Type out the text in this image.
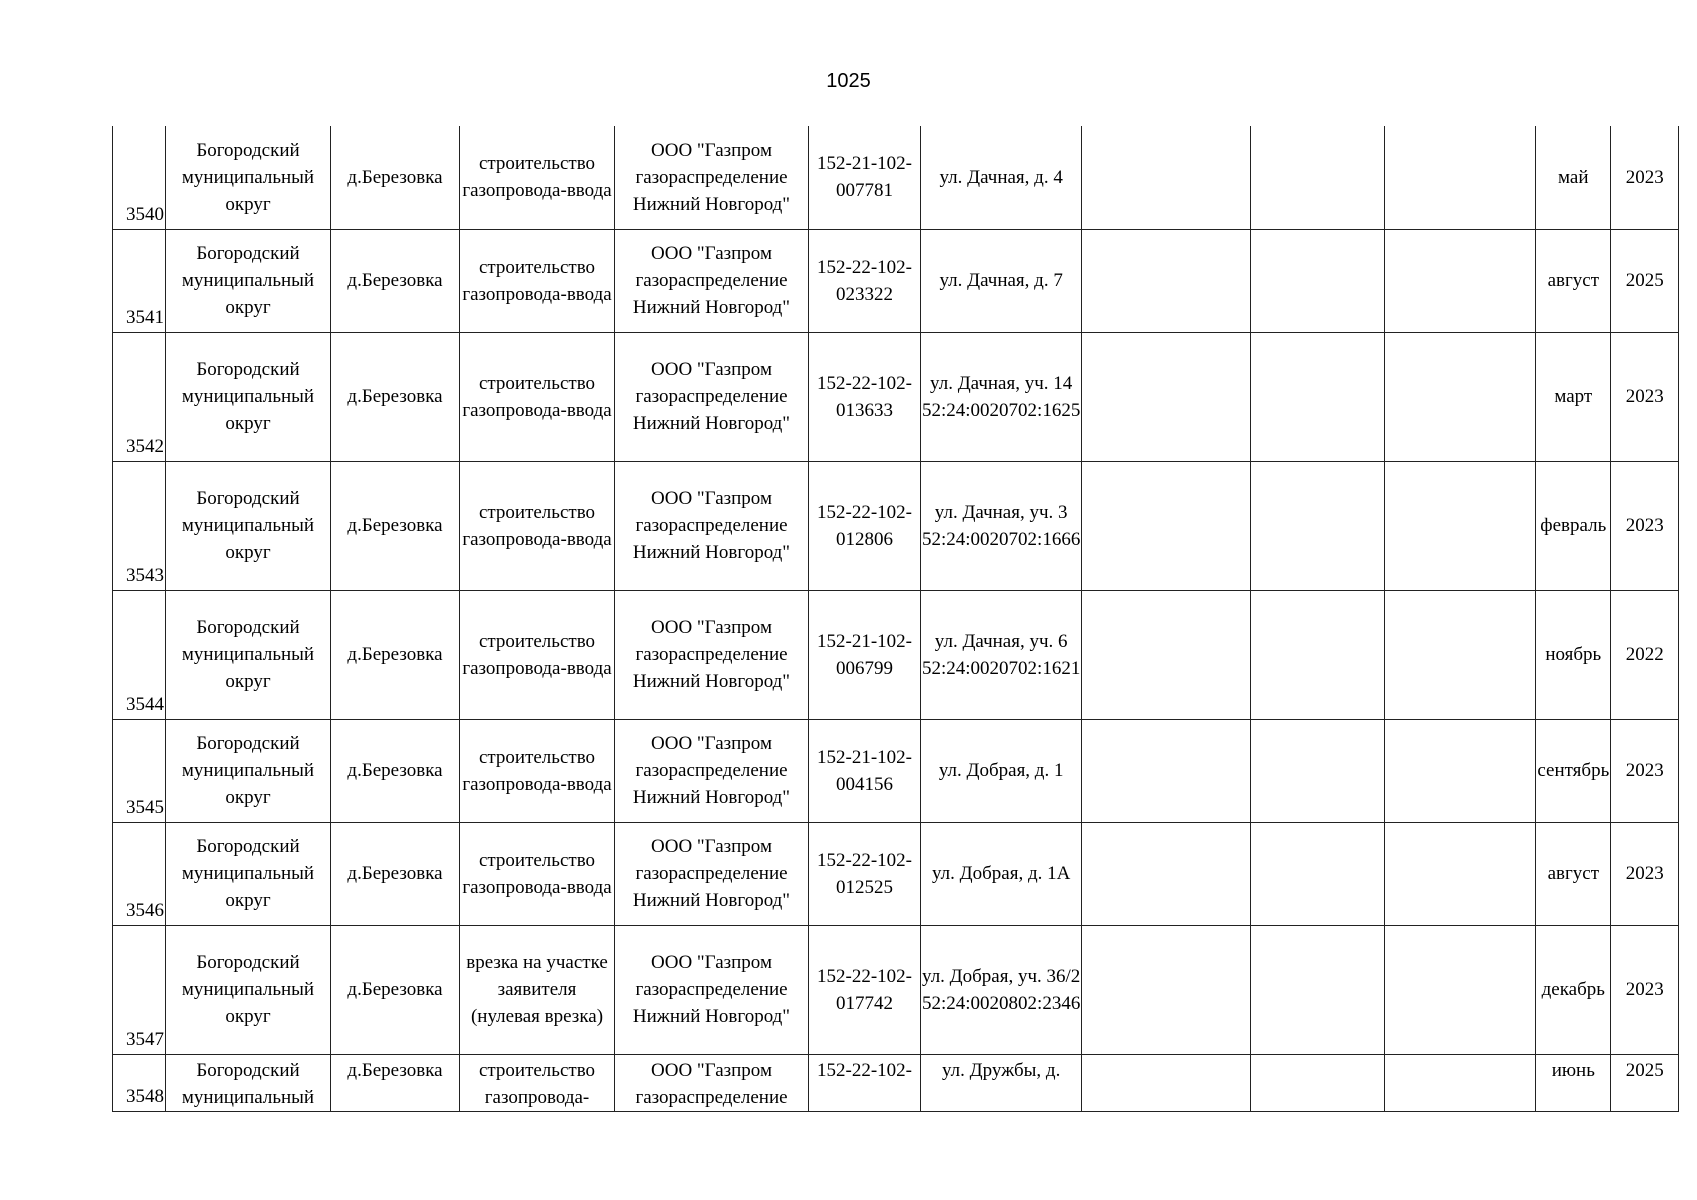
1025
3540	Богородский муниципальный округ	д.Березовка	строительство газопровода-ввода	ООО "Газпром газораспределение Нижний Новгород"	152-21-102-007781	ул. Дачная, д. 4				май	2023
3541	Богородский муниципальный округ	д.Березовка	строительство газопровода-ввода	ООО "Газпром газораспределение Нижний Новгород"	152-22-102-023322	ул. Дачная, д. 7				август	2025
3542	Богородский муниципальный округ	д.Березовка	строительство газопровода-ввода	ООО "Газпром газораспределение Нижний Новгород"	152-22-102-013633	ул. Дачная, уч. 14 52:24:0020702:1625				март	2023
3543	Богородский муниципальный округ	д.Березовка	строительство газопровода-ввода	ООО "Газпром газораспределение Нижний Новгород"	152-22-102-012806	ул. Дачная, уч. 3 52:24:0020702:1666				февраль	2023
3544	Богородский муниципальный округ	д.Березовка	строительство газопровода-ввода	ООО "Газпром газораспределение Нижний Новгород"	152-21-102-006799	ул. Дачная, уч. 6 52:24:0020702:1621				ноябрь	2022
3545	Богородский муниципальный округ	д.Березовка	строительство газопровода-ввода	ООО "Газпром газораспределение Нижний Новгород"	152-21-102-004156	ул. Добрая, д. 1				сентябрь	2023
3546	Богородский муниципальный округ	д.Березовка	строительство газопровода-ввода	ООО "Газпром газораспределение Нижний Новгород"	152-22-102-012525	ул. Добрая, д. 1А				август	2023
3547	Богородский муниципальный округ	д.Березовка	врезка на участке заявителя (нулевая врезка)	ООО "Газпром газораспределение Нижний Новгород"	152-22-102-017742	ул. Добрая, уч. 36/2 52:24:0020802:2346				декабрь	2023
3548	Богородский муниципальный	д.Березовка	строительство газопровода-	ООО "Газпром газораспределение	152-22-102-	ул. Дружбы, д.				июнь	2025
